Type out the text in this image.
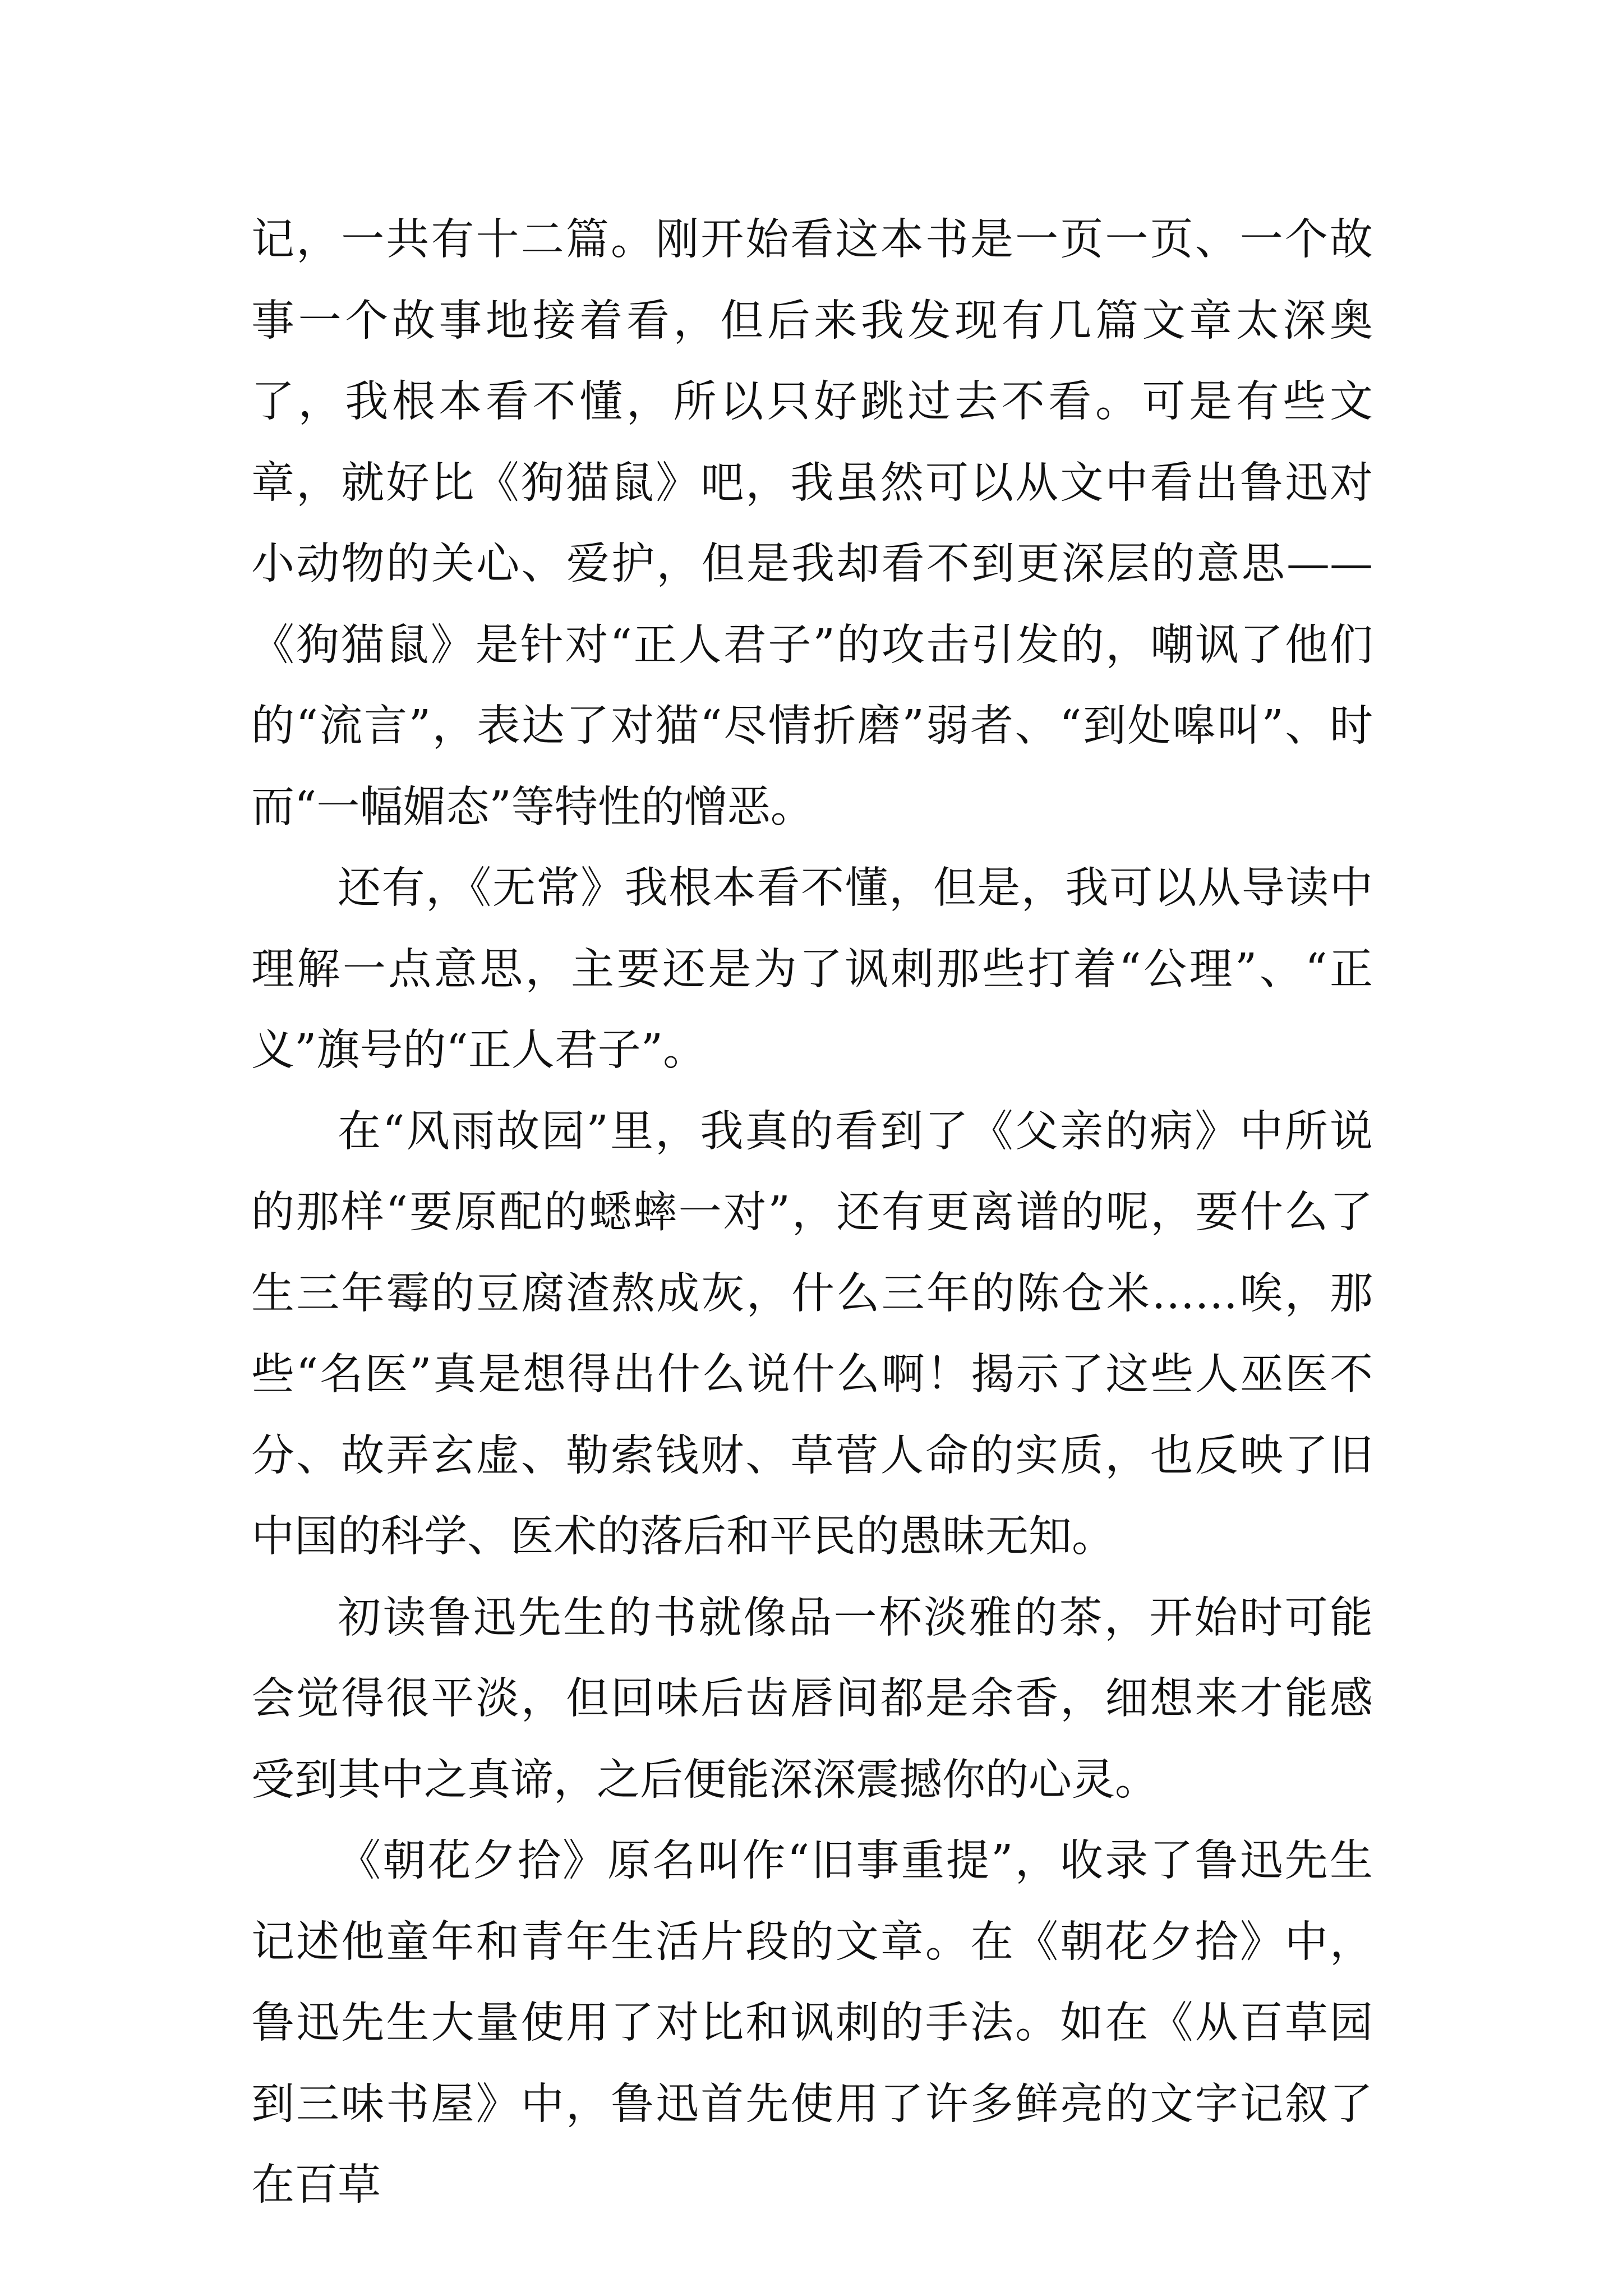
记，一共有十二篇。刚开始看这本书是一页一页、一个故事一个故事地接着看，但后来我发现有几篇文章太深奥了，我根本看不懂，所以只好跳过去不看。可是有些文章，就好比《狗猫鼠》吧，我虽然可以从文中看出鲁迅对小动物的关心、爱护，但是我却看不到更深层的意思——《狗猫鼠》是针对“正人君子”的攻击引发的，嘲讽了他们的“流言”，表达了对猫“尽情折磨”弱者、“到处嗥叫”、时而“一幅媚态”等特性的憎恶。

还有，《无常》我根本看不懂，但是，我可以从导读中理解一点意思，主要还是为了讽刺那些打着“公理”、“正义”旗号的“正人君子”。

在“风雨故园”里，我真的看到了《父亲的病》中所说的那样“要原配的蟋蟀一对”，还有更离谱的呢，要什么了生三年霉的豆腐渣熬成灰，什么三年的陈仓米……唉，那些“名医”真是想得出什么说什么啊！揭示了这些人巫医不分、故弄玄虚、勒索钱财、草菅人命的实质，也反映了旧中国的科学、医术的落后和平民的愚昧无知。

初读鲁迅先生的书就像品一杯淡雅的茶，开始时可能会觉得很平淡，但回味后齿唇间都是余香，细想来才能感受到其中之真谛，之后便能深深震撼你的心灵。

《朝花夕拾》原名叫作“旧事重提”，收录了鲁迅先生记述他童年和青年生活片段的文章。在《朝花夕拾》中，鲁迅先生大量使用了对比和讽刺的手法。如在《从百草园到三味书屋》中，鲁迅首先使用了许多鲜亮的文字记叙了在百草
